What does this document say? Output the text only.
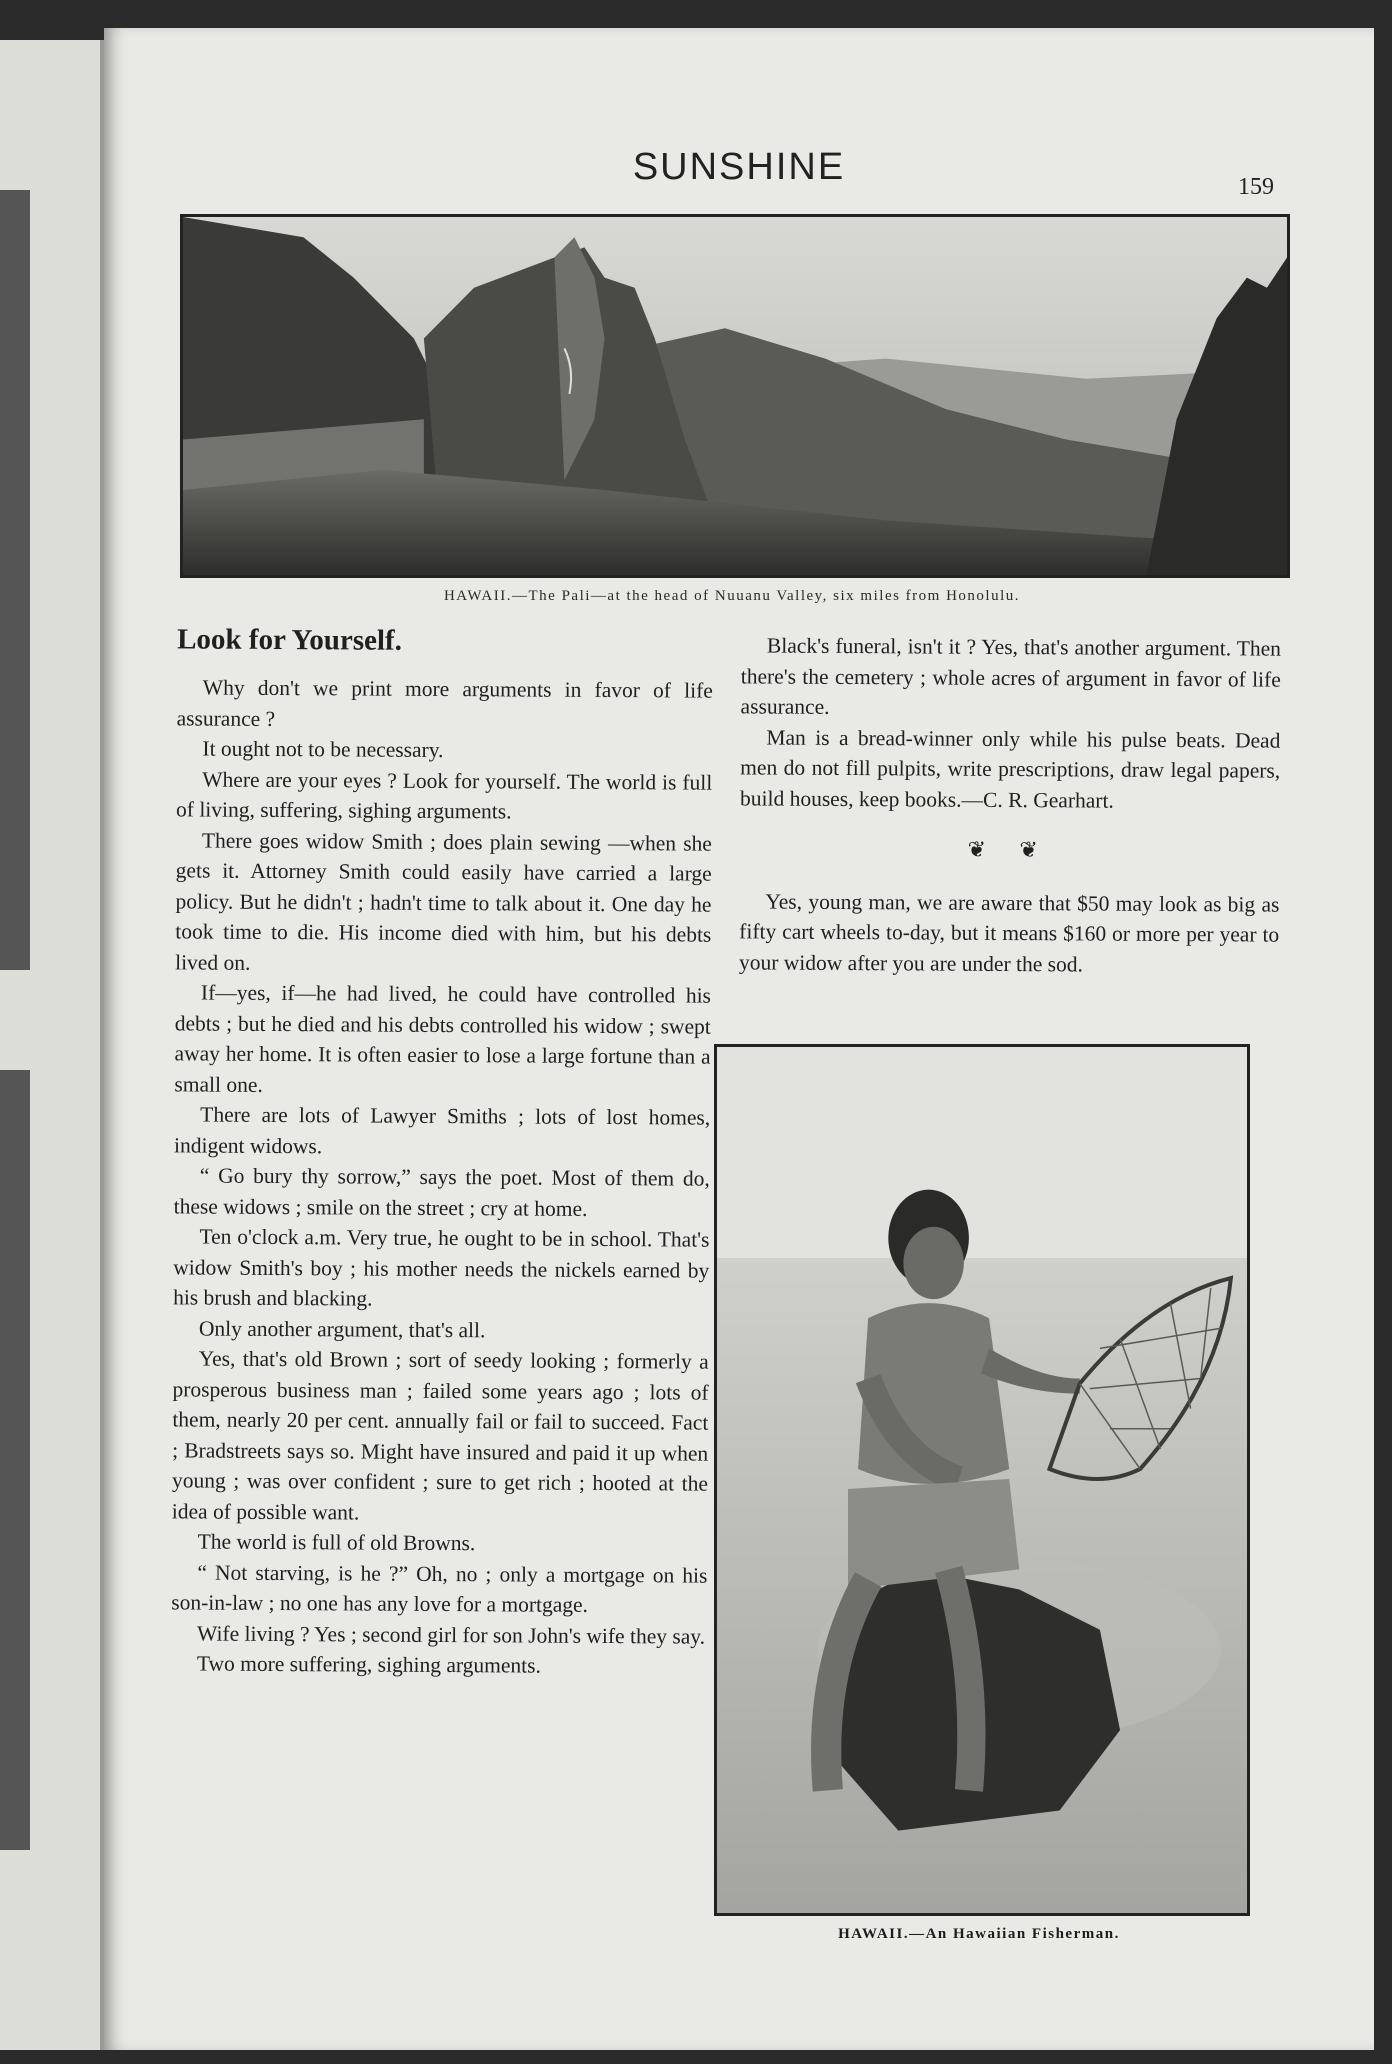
SUNSHINE	159
HAWAII.—The Pali—at the head of Nuuanu Valley, six miles from Honolulu.
Look for Yourself.

Why don't we print more arguments in favor of life assurance ?

It ought not to be necessary.

Where are your eyes ? Look for yourself. The world is full of living, suffering, sighing arguments.

There goes widow Smith ; does plain sewing —when she gets it. Attorney Smith could easily have carried a large policy. But he didn't ; hadn't time to talk about it. One day he took time to die. His income died with him, but his debts lived on.

If—yes, if—he had lived, he could have controlled his debts ; but he died and his debts controlled his widow ; swept away her home. It is often easier to lose a large fortune than a small one.

There are lots of Lawyer Smiths ; lots of lost homes, indigent widows.

“ Go bury thy sorrow,” says the poet. Most of them do, these widows ; smile on the street ; cry at home.

Ten o'clock a.m. Very true, he ought to be in school. That's widow Smith's boy ; his mother needs the nickels earned by his brush and blacking.

Only another argument, that's all.

Yes, that's old Brown ; sort of seedy looking ; formerly a prosperous business man ; failed some years ago ; lots of them, nearly 20 per cent. annually fail or fail to succeed. Fact ; Bradstreets says so. Might have insured and paid it up when young ; was over confident ; sure to get rich ; hooted at the idea of possible want.

The world is full of old Browns.

“ Not starving, is he ?” Oh, no ; only a mortgage on his son-in-law ; no one has any love for a mortgage.

Wife living ? Yes ; second girl for son John's wife they say.

Two more suffering, sighing arguments.

Black's funeral, isn't it ? Yes, that's another argument. Then there's the cemetery ; whole acres of argument in favor of life assurance.

Man is a bread-winner only while his pulse beats. Dead men do not fill pulpits, write prescriptions, draw legal papers, build houses, keep books.—C. R. Gearhart.

❦ ❦

Yes, young man, we are aware that $50 may look as big as fifty cart wheels to-day, but it means $160 or more per year to your widow after you are under the sod.

HAWAII.—An Hawaiian Fisherman.
